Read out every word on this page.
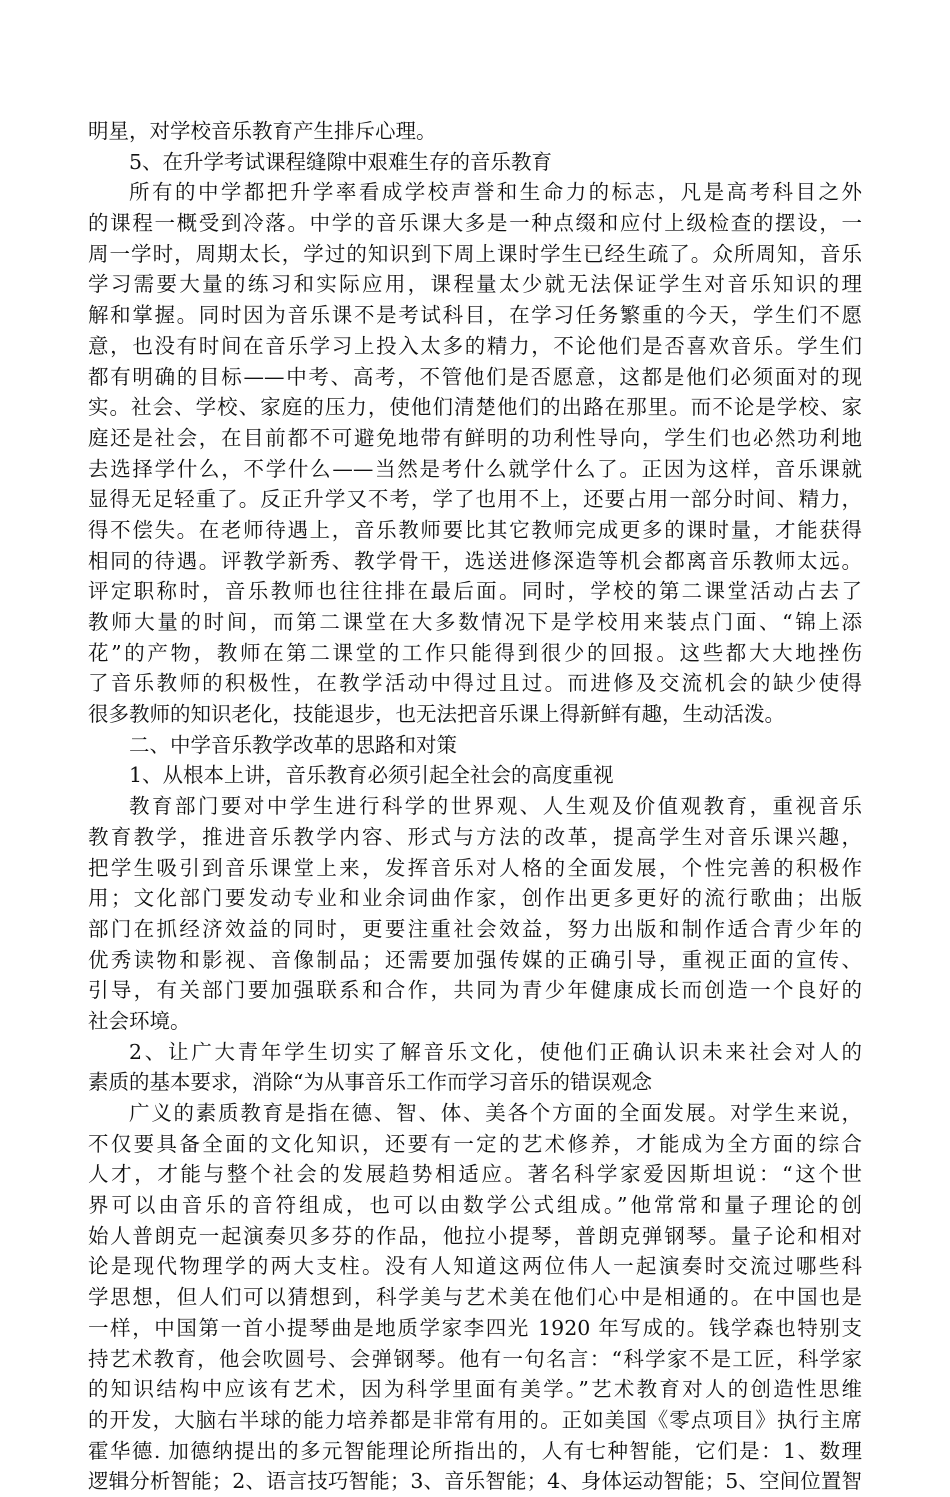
明星，对学校音乐教育产生排斥心理。
5、在升学考试课程缝隙中艰难生存的音乐教育
所有的中学都把升学率看成学校声誉和生命力的标志，凡是高考科目之外
的课程一概受到冷落。中学的音乐课大多是一种点缀和应付上级检查的摆设，一
周一学时，周期太长，学过的知识到下周上课时学生已经生疏了。众所周知，音乐
学习需要大量的练习和实际应用，课程量太少就无法保证学生对音乐知识的理
解和掌握。同时因为音乐课不是考试科目，在学习任务繁重的今天，学生们不愿
意，也没有时间在音乐学习上投入太多的精力，不论他们是否喜欢音乐。学生们
都有明确的目标——中考、高考，不管他们是否愿意，这都是他们必须面对的现
实。社会、学校、家庭的压力，使他们清楚他们的出路在那里。而不论是学校、家
庭还是社会，在目前都不可避免地带有鲜明的功利性导向，学生们也必然功利地
去选择学什么，不学什么——当然是考什么就学什么了。正因为这样，音乐课就
显得无足轻重了。反正升学又不考，学了也用不上，还要占用一部分时间、精力，
得不偿失。在老师待遇上，音乐教师要比其它教师完成更多的课时量，才能获得
相同的待遇。评教学新秀、教学骨干，选送进修深造等机会都离音乐教师太远。
评定职称时，音乐教师也往往排在最后面。同时，学校的第二课堂活动占去了
教师大量的时间，而第二课堂在大多数情况下是学校用来装点门面、“锦上添
花”的产物，教师在第二课堂的工作只能得到很少的回报。这些都大大地挫伤
了音乐教师的积极性，在教学活动中得过且过。而进修及交流机会的缺少使得
很多教师的知识老化，技能退步，也无法把音乐课上得新鲜有趣，生动活泼。
二、中学音乐教学改革的思路和对策
1、从根本上讲，音乐教育必须引起全社会的高度重视
教育部门要对中学生进行科学的世界观、人生观及价值观教育，重视音乐
教育教学，推进音乐教学内容、形式与方法的改革，提高学生对音乐课兴趣，
把学生吸引到音乐课堂上来，发挥音乐对人格的全面发展，个性完善的积极作
用；文化部门要发动专业和业余词曲作家，创作出更多更好的流行歌曲；出版
部门在抓经济效益的同时，更要注重社会效益，努力出版和制作适合青少年的
优秀读物和影视、音像制品；还需要加强传媒的正确引导，重视正面的宣传、
引导，有关部门要加强联系和合作，共同为青少年健康成长而创造一个良好的
社会环境。
2、让广大青年学生切实了解音乐文化，使他们正确认识未来社会对人的
素质的基本要求，消除“为从事音乐工作而学习音乐的错误观念
广义的素质教育是指在德、智、体、美各个方面的全面发展。对学生来说，
不仅要具备全面的文化知识，还要有一定的艺术修养，才能成为全方面的综合
人才，才能与整个社会的发展趋势相适应。著名科学家爱因斯坦说：“这个世
界可以由音乐的音符组成，也可以由数学公式组成。”他常常和量子理论的创
始人普朗克一起演奏贝多芬的作品，他拉小提琴，普朗克弹钢琴。量子论和相对
论是现代物理学的两大支柱。没有人知道这两位伟人一起演奏时交流过哪些科
学思想，但人们可以猜想到，科学美与艺术美在他们心中是相通的。在中国也是
一样，中国第一首小提琴曲是地质学家李四光 1920 年写成的。钱学森也特别支
持艺术教育，他会吹圆号、会弹钢琴。他有一句名言：“科学家不是工匠，科学家
的知识结构中应该有艺术，因为科学里面有美学。”艺术教育对人的创造性思维
的开发，大脑右半球的能力培养都是非常有用的。正如美国《零点项目》执行主席
霍华德. 加德纳提出的多元智能理论所指出的，人有七种智能，它们是：1、数理
逻辑分析智能；2、语言技巧智能；3、音乐智能；4、身体运动智能；5、空间位置智
